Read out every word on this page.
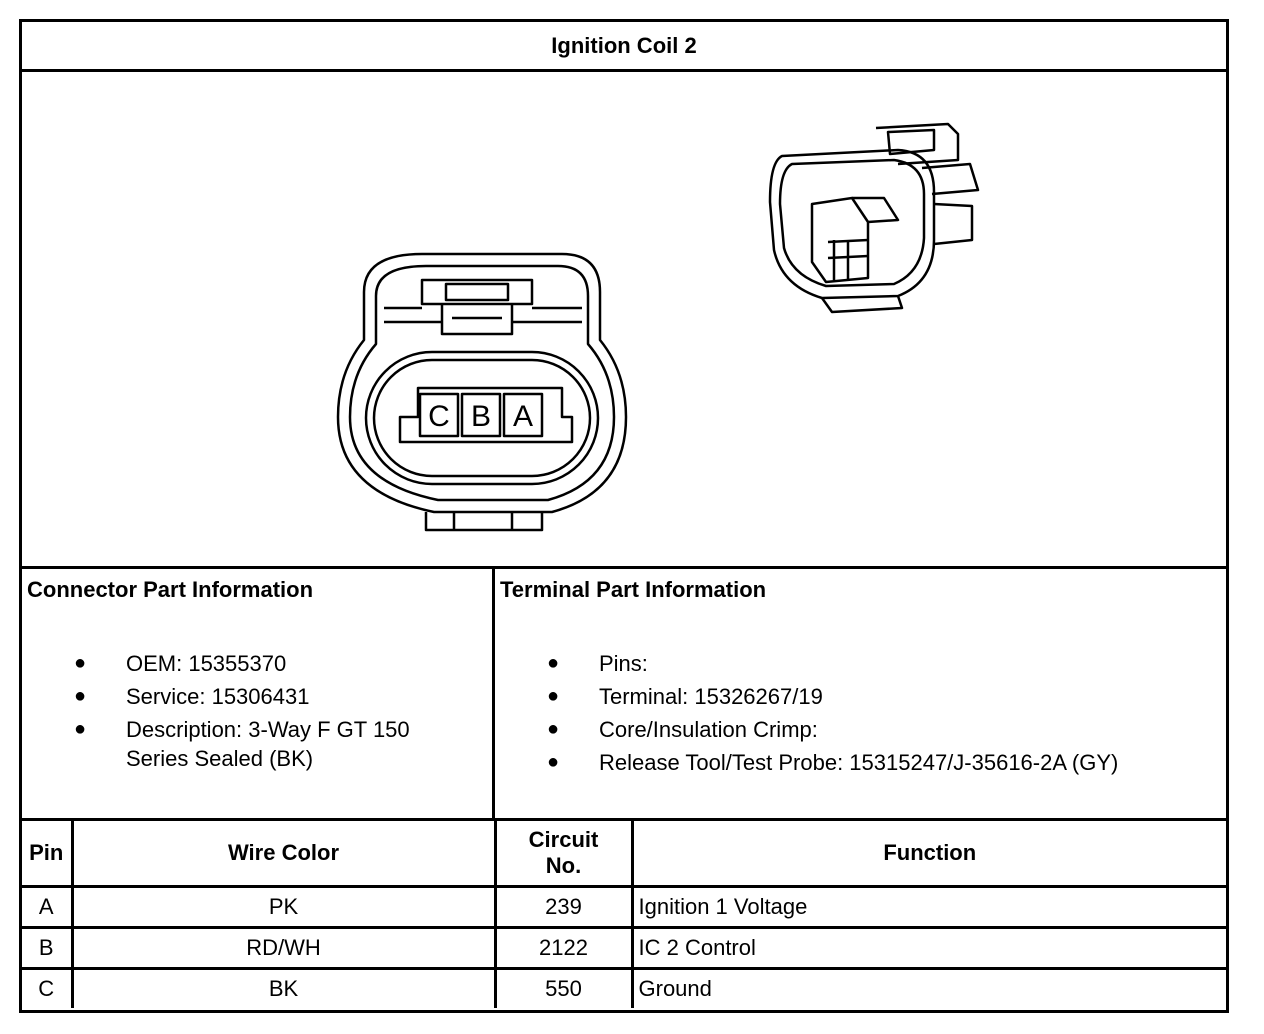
Ignition Coil 2
C B A
Connector Part Information
● OEM: 15355370
● Service: 15306431
● Description: 3-Way F GT 150 Series Sealed (BK)
Terminal Part Information
● Pins:
● Terminal: 15326267/19
● Core/Insulation Crimp:
● Release Tool/Test Probe: 15315247/J-35616-2A (GY)
Pin	Wire Color	Circuit
No.	Function
A	PK	239	Ignition 1 Voltage
B	RD/WH	2122	IC 2 Control
C	BK	550	Ground
